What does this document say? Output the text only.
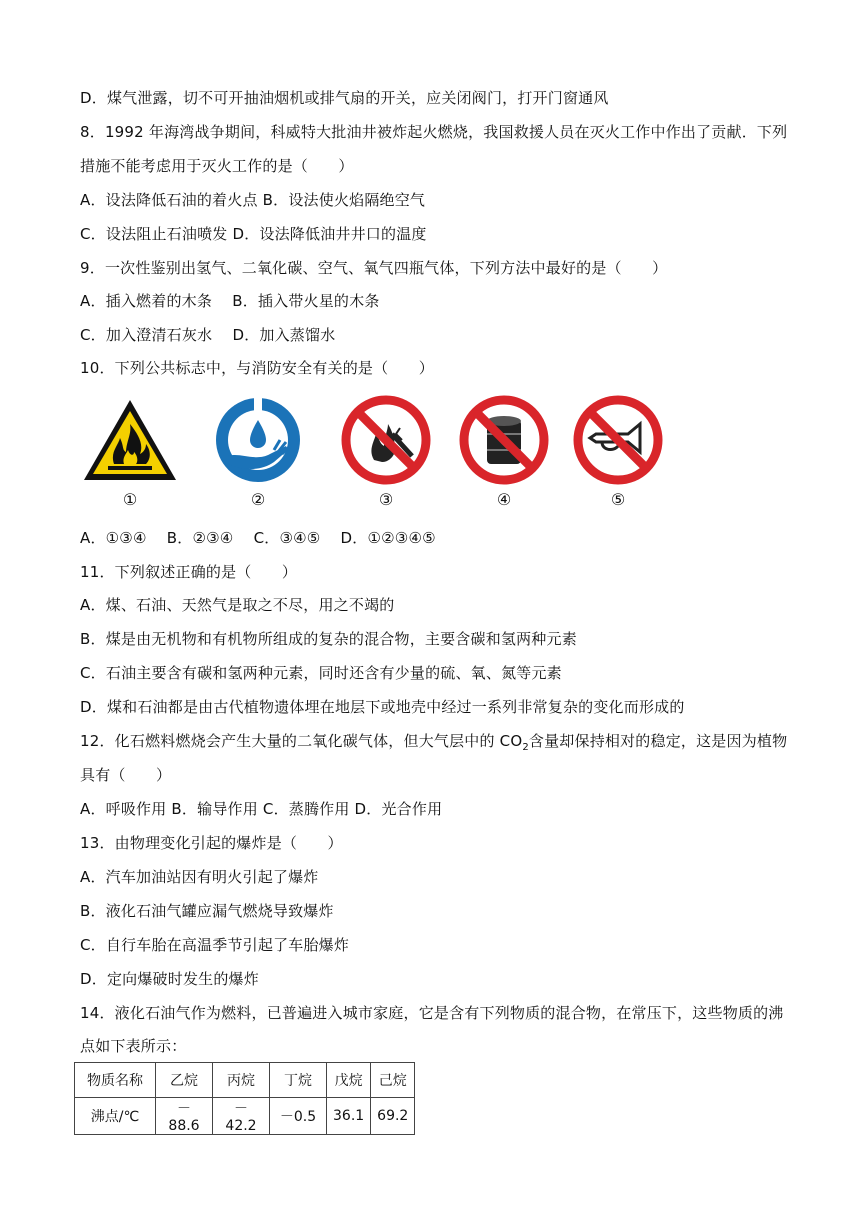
D．煤气泄露，切不可开抽油烟机或排气扇的开关，应关闭阀门，打开门窗通风
8．1992 年海湾战争期间，科威特大批油井被炸起火燃烧，我国救援人员在灭火工作中作出了贡献．下列
措施不能考虑用于灭火工作的是（　　）
A．设法降低石油的着火点 B．设法使火焰隔绝空气
C．设法阻止石油喷发 D．设法降低油井井口的温度
9．一次性鉴别出氢气、二氧化碳、空气、氧气四瓶气体，下列方法中最好的是（　　）
A．插入燃着的木条　 B．插入带火星的木条
C．加入澄清石灰水　 D．加入蒸馏水
10．下列公共标志中，与消防安全有关的是（　　）
①	②	③	④	⑤
A．①③④　 B．②③④　 C．③④⑤　 D．①②③④⑤
11．下列叙述正确的是（　　）
A．煤、石油、天然气是取之不尽，用之不竭的
B．煤是由无机物和有机物所组成的复杂的混合物，主要含碳和氢两种元素
C．石油主要含有碳和氢两种元素，同时还含有少量的硫、氧、氮等元素
D．煤和石油都是由古代植物遗体埋在地层下或地壳中经过一系列非常复杂的变化而形成的
12．化石燃料燃烧会产生大量的二氧化碳气体，但大气层中的 $CO_2$含量却保持相对的稳定，这是因为植物
具有（　　）
A．呼吸作用 B．输导作用 C．蒸腾作用 D．光合作用
13．由物理变化引起的爆炸是（　　）
A．汽车加油站因有明火引起了爆炸
B．液化石油气罐应漏气燃烧导致爆炸
C．自行车胎在高温季节引起了车胎爆炸
D．定向爆破时发生的爆炸
14．液化石油气作为燃料，已普遍进入城市家庭，它是含有下列物质的混合物，在常压下，这些物质的沸
点如下表所示：
物质名称	乙烷	丙烷	丁烷	戊烷	己烷
沸点/℃	－88.6	－42.2	－0.5	36.1	69.2
